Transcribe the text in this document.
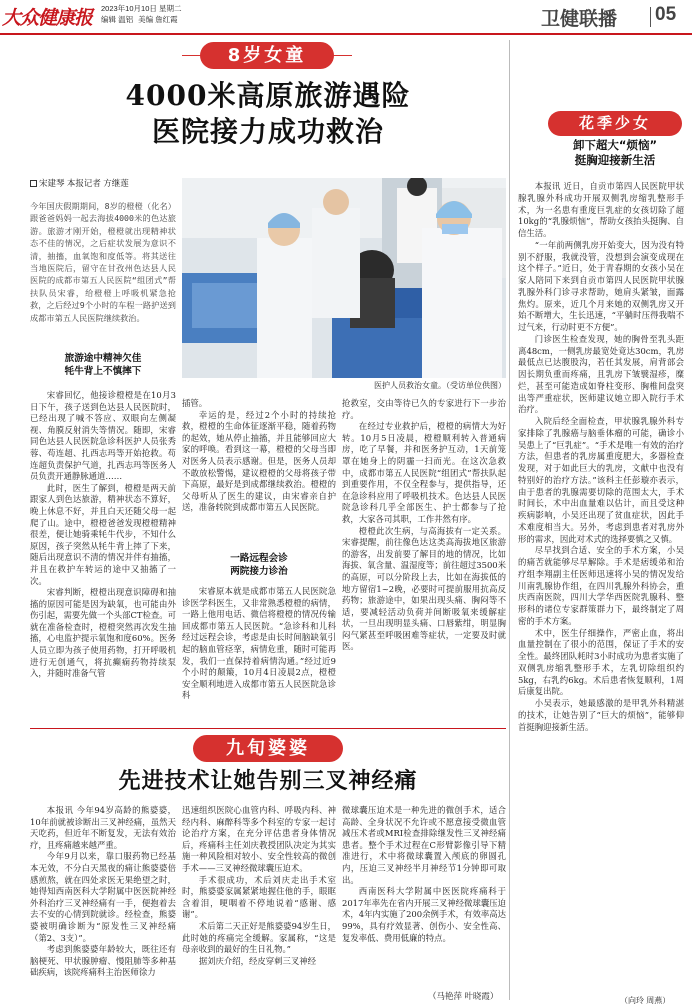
大众健康报 2023年10月10日 星期二
编辑 温铝 美编 詹红霞	卫健联播 05
8岁女童
4000米高原旅游遇险
医院接力成功救治
宋建琴 本报记者 方继莲
今年国庆假期期间，8岁的橙橙（化名）跟爸爸妈妈一起去海拔4000米的色达旅游。旅游才刚开始，橙橙就出现精神状态不佳的情况，之后症状发展为意识不清，抽搐，血氧饱和度低等。将其送往当地医院后，留守在甘孜州色达县人民医院的成都市第五人民医院“组团式”帮扶队员宋睿，给橙橙上呼吸机紧急抢救，之后经过9个小时的车程一路护送到成都市第五人民医院继续救治。
医护人员救治女童。（受访单位供图）
旅游途中精神欠佳
牦牛背上不慎摔下

宋睿回忆，他接诊橙橙是在10月3日下午，孩子送到色达县人民医院时，已经出现了喊不答应、双眼向左侧凝视、角膜反射消失等情况。随即，宋睿同色达县人民医院急诊科医护人员张秀蓉、苟连超、扎西志玛等开始抢救。苟连超负责保护气道，扎西志玛等医务人员负责开通静脉通道……

此时，医生了解到，橙橙是两天前跟家人到色达旅游，精神状态不算好，晚上休息不好，并且白天还随父母一起爬了山。途中，橙橙爸爸发现橙橙精神很差，便让她骑乘牦牛代步，不知什么原因，孩子突然从牦牛背上摔了下来，随后出现意识不清的情况并伴有抽搐，并且在救护车转运的途中又抽搐了一次。

宋睿判断，橙橙出现意识障碍和抽搐的原因可能是因为缺氧，也可能由外伤引起，需要先做一个头部CT检查。可就在准备检查时，橙橙突然再次发生抽搐，心电监护提示氧饱和度60%。医务人员立即为孩子使用药物，打开呼吸机进行无创通气，将抗癫痫药物持续泵入，并随时准备气管

插管。

幸运的是，经过2个小时的持续抢救，橙橙的生命体征逐渐平稳，随着药物的起效，她从停止抽搐，并且能够回应大家的呼唤。看到这一幕，橙橙的父母当即对医务人员表示感谢。但是，医务人员却不敢放松警惕，建议橙橙的父母将孩子带下高原，最好是到成都继续救治。橙橙的父母听从了医生的建议，由宋睿亲自护送，准备转院到成都市第五人民医院。

一路远程会诊
两院接力诊治

宋睿原本就是成都市第五人民医院急诊医学科医生，又非常熟悉橙橙的病情，一路上他用电话、微信将橙橙的情况传输回成都市第五人民医院。“急诊科和儿科经过远程会诊，考虑是由长时间脑缺氧引起的脑血管痉挛，病情危重，随时可能再发，我们一直保持着病情沟通。”经过近9个小时的颠簸，10月4日凌晨2点，橙橙安全顺利地进入成都市第五人民医院急诊科

抢救室，交由等待已久的专家进行下一步治疗。

在经过专业救护后，橙橙的病情大为好转。10月5日凌晨，橙橙顺利转入普通病房，吃了早餐，并和医务护互动，1天前笼罩在她身上的阴霾一扫而光。在这次急救中，成都市第五人民医院“组团式”帮扶队起到重要作用，不仅全程参与，提供指导，还在急诊科应用了呼吸机技术。色达县人民医院急诊科几乎全部医生、护士都参与了抢救，大家各司其职，工作井然有序。

橙橙此次生病，与高海拔有一定关系。宋睿提醒，前往像色达这类高海拔地区旅游的游客，出发前要了解目的地的情况，比如海拔、氧含量、温湿度等；前往超过3500米的高原，可以分阶段上去，比如在海拔低的地方留宿1~2晚，必要时可提前服用抗高反药物；旅游途中，如果出现头痛、胸闷等不适，要减轻活动负荷并间断吸氧来缓解症状，一旦出现明显头痛、口唇紫绀，明显胸闷气紧甚至呼吸困难等症状，一定要及时就医。

九旬婆婆
先进技术让她告别三叉神经痛

本报讯 今年94岁高龄的熊婆婆，10年前就被诊断出三叉神经痛，虽然天天吃药，但近年不断复发，无法有效治疗，且疼痛越来越严重。

今年9月以来，靠口服药物已经基本无效，不分白天黑夜的痛让熊婆婆倍感煎熬，就在四处求医无果绝望之时，她得知西南医科大学附属中医医院神经外科治疗三叉神经痛有一手，便抱着去去不安的心情到院就诊。经检查，熊婆婆被明确诊断为“原发性三叉神经痛（第2、3支）”。

考虑到熊婆婆年龄较大，既往还有脑梗死、甲状腺肿瘤、慢阻肺等多种基础疾病，该院疼痛科主治医师徐力

迅速组织医院心血管内科、呼吸内科、神经内科、麻醉科等多个科室的专家一起讨论治疗方案，在充分评估患者身体情况后，疼痛科主任刘庆教授团队决定为其实施一种风险相对较小、安全性较高的微创手术——三叉神经微球囊压迫术。

手术很成功，术后刘庆走出手术室时，熊婆婆家属紧紧地握住他的手，眼眶含着泪，哽咽着不停地说着“感谢、感谢”。

术后第二天正好是熊婆婆94岁生日，此时她的疼痛完全缓解。家属称，“这是母亲收到的最好的生日礼物。”

据刘庆介绍，经皮穿刺三叉神经

微球囊压迫术是一种先进的微创手术，适合高龄、全身状况不允许或不愿意接受微血管减压术者或MRI检查排除继发性三叉神经痛患者。整个手术过程在C形臂影像引导下精准进行，术中将微球囊置入颅底的卵圆孔内，压迫三叉神经半月神经节1分钟即可取出。

西南医科大学附属中医医院疼痛科于2017年率先在省内开展三叉神经微球囊压迫术，4年内实施了200余例手术，有效率高达99%，具有疗效显著、创伤小、安全性高、复发率低、费用低廉的特点。

（马艳萍 叶晓霞）
花季少女
卸下超大“烦恼”
挺胸迎接新生活

本报讯 近日，自贡市第四人民医院甲状腺乳腺外科成功开展双侧乳房缩乳整形手术，为一名患有重度巨乳症的女孩切除了超10kg的“乳腺烦恼”，帮助女孩抬头挺胸、自信生活。

“一年前两侧乳房开始变大，因为没有特别不舒服，我就没管，没想到会演变成现在这个样子。”近日，处于青春期的女孩小吴在家人陪同下来到自贡市第四人民医院甲状腺乳腺外科门诊寻求帮助，她肩头紧皱，面露焦灼。原来，近几个月来她的双侧乳房又开始不断增大，生长迅速，“平躺时压得我喘不过气来，行动时更不方便”。

门诊医生检查发现，她的胸骨至乳头距离48cm，一侧乳房最宽处竟达30cm，乳房最低点已达腹股沟，若任其发展，肩背部会因长期负重而疼痛，且乳房下皱襞湿疹，糜烂，甚至可能造成如脊柱变形、胸椎间盘突出等严重症状，医师建议她立即入院行手术治疗。

入院后经全面检查，甲状腺乳腺外科专家排除了乳腺癌与脑垂体瘤的可能，确诊小吴患上了“巨乳症”。“手术是唯一有效的治疗方法，但患者的乳房属重度肥大，多器检查发现，对于如此巨大的乳房，文献中也没有特别好的治疗方法。”该科主任彭璇亦表示，由于患者的乳腺需要切除的范围太大，手术时间长，术中出血量难以估计，而且受这种疾病影响，小吴还出现了贫血症状，因此手术难度相当大。另外，考虑到患者对乳房外形的需求，因此对术式的选择要慎之又慎。

尽早找到合适、安全的手术方案，小吴的痛苦就能够尽早解除。手术是痞缓弟和治疗组李翔副主任医师迅速将小吴的情况发给川南乳腺协作组，在四川乳腺外科协会，重庆西南医院，四川大学华西医院乳腺科、整形科的诸位专家群策群力下，最终制定了周密的手术方案。

术中，医生仔细操作，严密止血，将出血量控制在了很小的范围，保证了手术的安全性。最终团队耗时3小时成功为患者实施了双侧乳房缩乳整形手术，左乳切除组织约5kg，右乳约6kg。术后患者恢复顺利，1周后康复出院。

小吴表示，她最感激的是甲乳外科精湛的技术，让她告别了“巨大的烦恼”，能够仰首挺胸迎接新生活。

（向玲 周燕）
